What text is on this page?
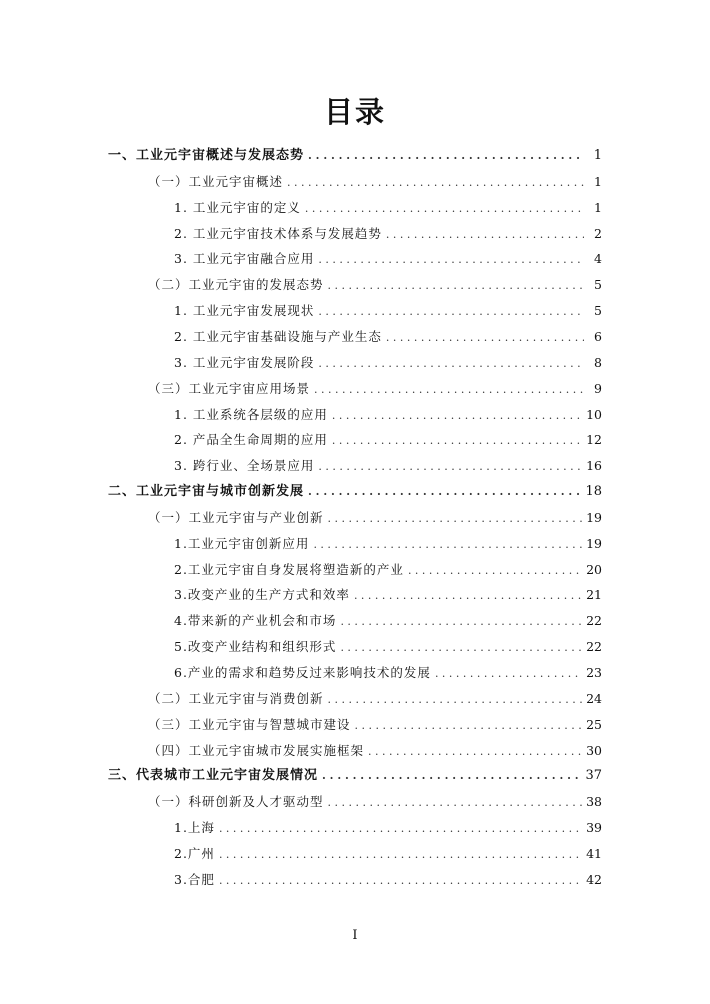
目录
一、工业元宇宙概述与发展态势 . . .	1
（一）工业元宇宙概述 . . .	1
1. 工业元宇宙的定义 . . .	1
2. 工业元宇宙技术体系与发展趋势 . . .	2
3. 工业元宇宙融合应用 . . .	4
（二）工业元宇宙的发展态势 . . .	5
1. 工业元宇宙发展现状 . . .	5
2. 工业元宇宙基础设施与产业生态 . . .	6
3. 工业元宇宙发展阶段 . . .	8
（三）工业元宇宙应用场景 . . .	9
1. 工业系统各层级的应用 . . .	10
2. 产品全生命周期的应用 . . .	12
3. 跨行业、全场景应用 . . .	16
二、工业元宇宙与城市创新发展 . . .	18
（一）工业元宇宙与产业创新 . . .	19
1.工业元宇宙创新应用 . . .	19
2.工业元宇宙自身发展将塑造新的产业 . . .	20
3.改变产业的生产方式和效率 . . .	21
4.带来新的产业机会和市场 . . .	22
5.改变产业结构和组织形式 . . .	22
6.产业的需求和趋势反过来影响技术的发展 . . .	23
（二）工业元宇宙与消费创新 . . .	24
（三）工业元宇宙与智慧城市建设 . . .	25
（四）工业元宇宙城市发展实施框架 . . .	30
三、代表城市工业元宇宙发展情况 . . .	37
（一）科研创新及人才驱动型 . . .	38
1.上海 . . .	39
2.广州 . . .	41
3.合肥 . . .	42
I
